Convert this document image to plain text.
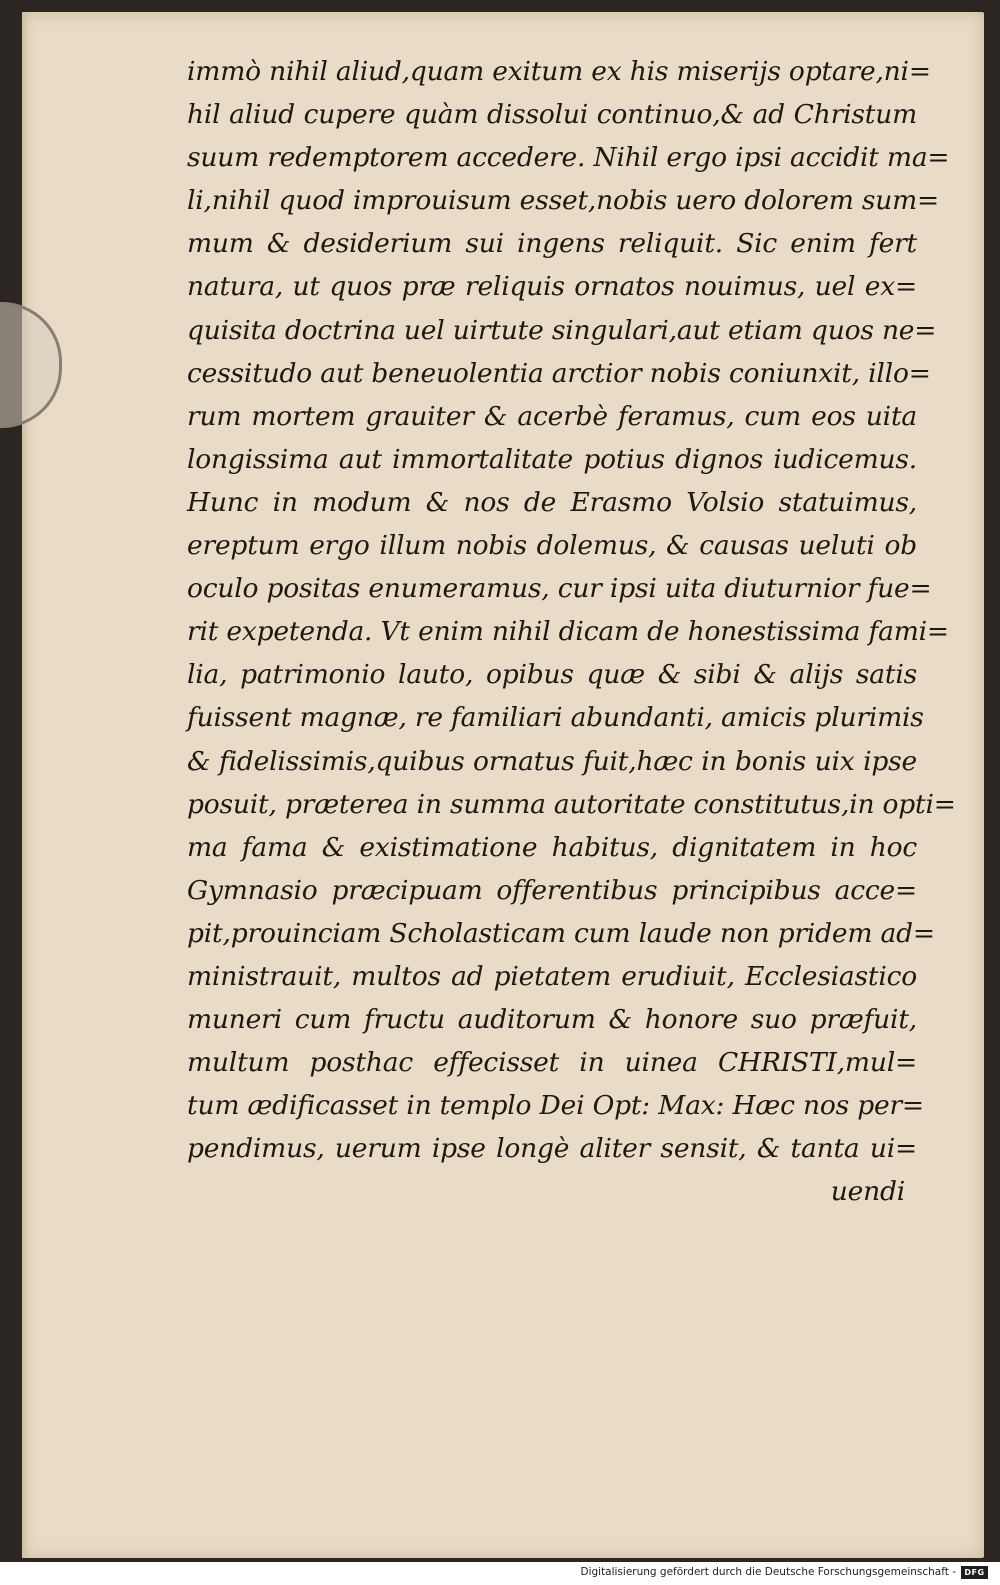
immò nihil aliud,quam exitum ex his miserijs optare,ni=
hil aliud cupere quàm dissolui continuo,& ad Christum
suum redemptorem accedere. Nihil ergo ipsi accidit ma=
li,nihil quod improuisum esset,nobis uero dolorem sum=
mum & desiderium sui ingens reliquit. Sic enim fert
natura, ut quos præ reliquis ornatos nouimus, uel ex=
quisita doctrina uel uirtute singulari,aut etiam quos ne=
cessitudo aut beneuolentia arctior nobis coniunxit, illo=
rum mortem grauiter & acerbè feramus, cum eos uita
longissima aut immortalitate potius dignos iudicemus.
Hunc in modum & nos de Erasmo Volsio statuimus,
ereptum ergo illum nobis dolemus, & causas ueluti ob
oculo positas enumeramus, cur ipsi uita diuturnior fue=
rit expetenda. Vt enim nihil dicam de honestissima fami=
lia, patrimonio lauto, opibus quæ & sibi & alijs satis
fuissent magnæ, re familiari abundanti, amicis plurimis
& fidelissimis,quibus ornatus fuit,hæc in bonis uix ipse
posuit, præterea in summa autoritate constitutus,in opti=
ma fama & existimatione habitus, dignitatem in hoc
Gymnasio præcipuam offerentibus principibus acce=
pit,prouinciam Scholasticam cum laude non pridem ad=
ministrauit, multos ad pietatem erudiuit, Ecclesiastico
muneri cum fructu auditorum & honore suo præfuit,
multum posthac effecisset in uinea CHRISTI,mul=
tum ædificasset in templo Dei Opt: Max: Hæc nos per=
pendimus, uerum ipse longè aliter sensit, & tanta ui=
uendi
Digitalisierung gefördert durch die Deutsche Forschungsgemeinschaft -	DFG
